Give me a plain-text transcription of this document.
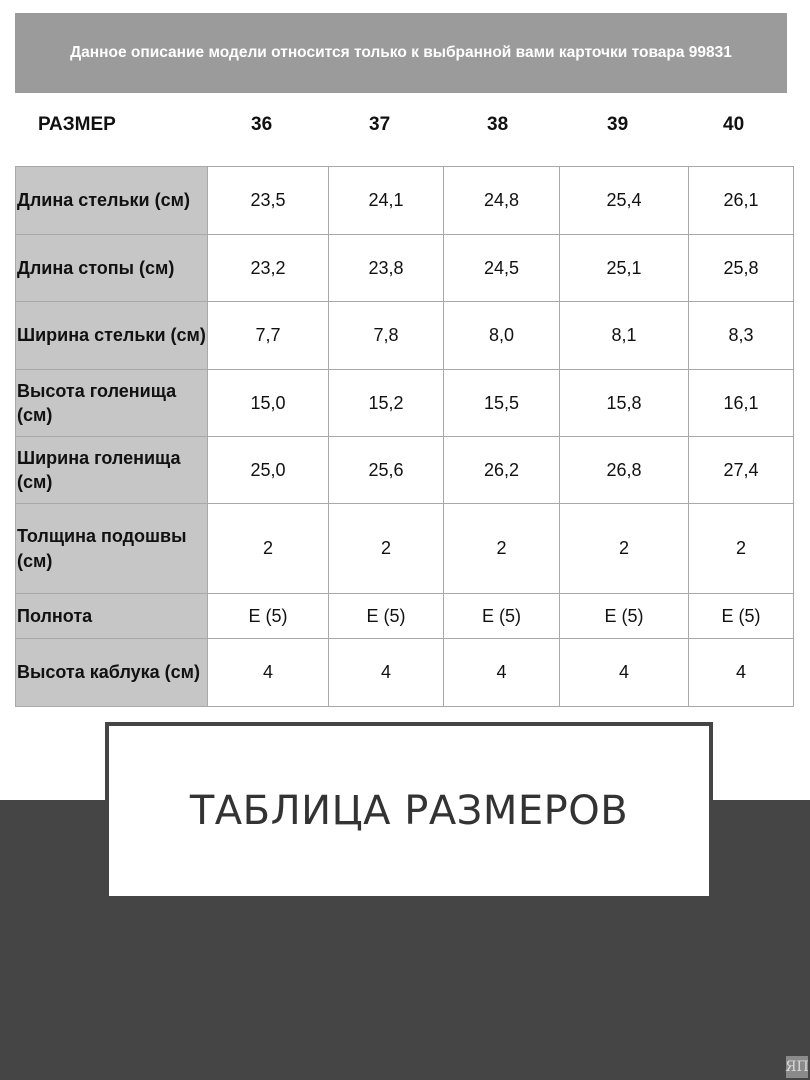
Данное описание модели относится только к выбранной вами карточки товара 99831
РАЗМЕР	36	37	38	39	40
Длина стельки (см)	23,5	24,1	24,8	25,4	26,1
Длина стопы (см)	23,2	23,8	24,5	25,1	25,8
Ширина стельки (см)	7,7	7,8	8,0	8,1	8,3
Высота голенища (см)	15,0	15,2	15,5	15,8	16,1
Ширина голенища (см)	25,0	25,6	26,2	26,8	27,4
Толщина подошвы (см)	2	2	2	2	2
Полнота	E (5)	E (5)	E (5)	E (5)	E (5)
Высота каблука (см)	4	4	4	4	4
ТАБЛИЦА РАЗМЕРОВ
ЯП
